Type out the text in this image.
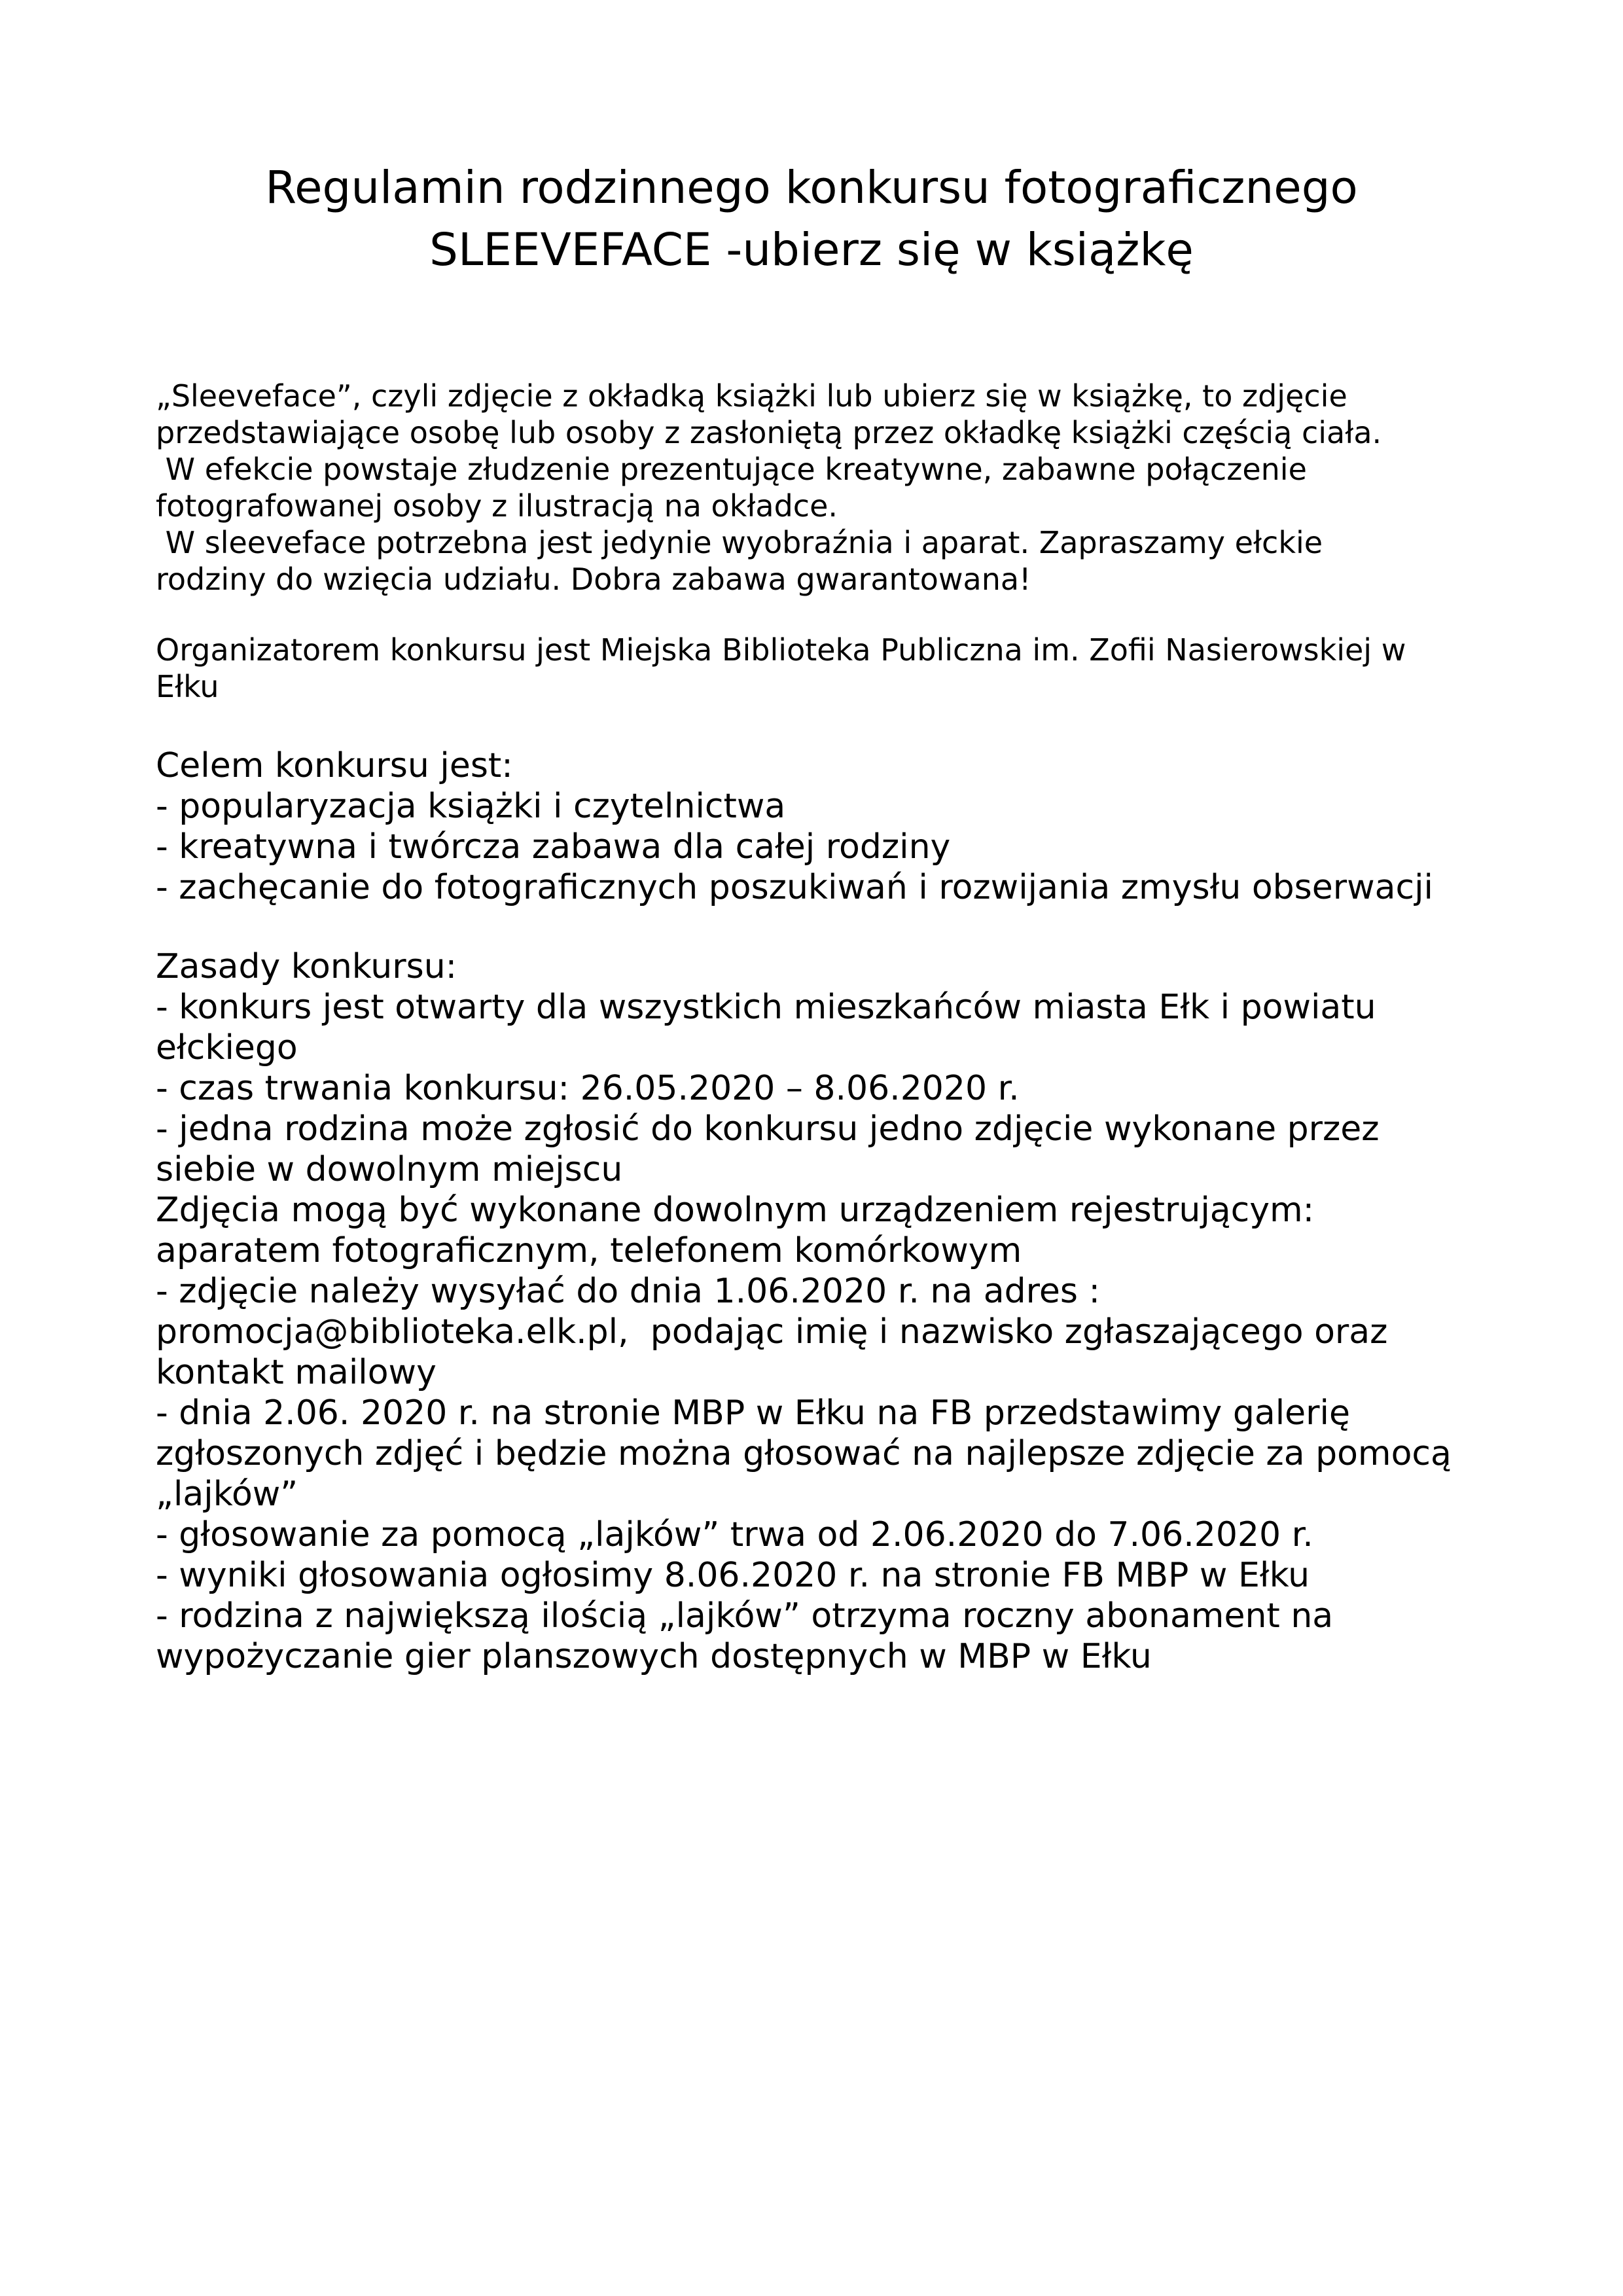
Regulamin rodzinnego konkursu fotograficznego
SLEEVEFACE -ubierz się w książkę

„Sleeveface”, czyli zdjęcie z okładką książki lub ubierz się w książkę, to zdjęcie

przedstawiające osobę lub osoby z zasłoniętą przez okładkę książki częścią ciała.

W efekcie powstaje złudzenie prezentujące kreatywne, zabawne połączenie

fotografowanej osoby z ilustracją na okładce.

W sleeveface potrzebna jest jedynie wyobraźnia i aparat. Zapraszamy ełckie

rodziny do wzięcia udziału. Dobra zabawa gwarantowana!

Organizatorem konkursu jest Miejska Biblioteka Publiczna im. Zofii Nasierowskiej w

Ełku

Celem konkursu jest:

- popularyzacja książki i czytelnictwa

- kreatywna i twórcza zabawa dla całej rodziny

- zachęcanie do fotograficznych poszukiwań i rozwijania zmysłu obserwacji

Zasady konkursu:

- konkurs jest otwarty dla wszystkich mieszkańców miasta Ełk i powiatu

ełckiego

- czas trwania konkursu: 26.05.2020 – 8.06.2020 r.

- jedna rodzina może zgłosić do konkursu jedno zdjęcie wykonane przez

siebie w dowolnym miejscu

Zdjęcia mogą być wykonane dowolnym urządzeniem rejestrującym:

aparatem fotograficznym, telefonem komórkowym

- zdjęcie należy wysyłać do dnia 1.06.2020 r. na adres :

promocja@biblioteka.elk.pl,  podając imię i nazwisko zgłaszającego oraz

kontakt mailowy

- dnia 2.06. 2020 r. na stronie MBP w Ełku na FB przedstawimy galerię

zgłoszonych zdjęć i będzie można głosować na najlepsze zdjęcie za pomocą

„lajków”

- głosowanie za pomocą „lajków” trwa od 2.06.2020 do 7.06.2020 r.

- wyniki głosowania ogłosimy 8.06.2020 r. na stronie FB MBP w Ełku

- rodzina z największą ilością „lajków” otrzyma roczny abonament na

wypożyczanie gier planszowych dostępnych w MBP w Ełku
